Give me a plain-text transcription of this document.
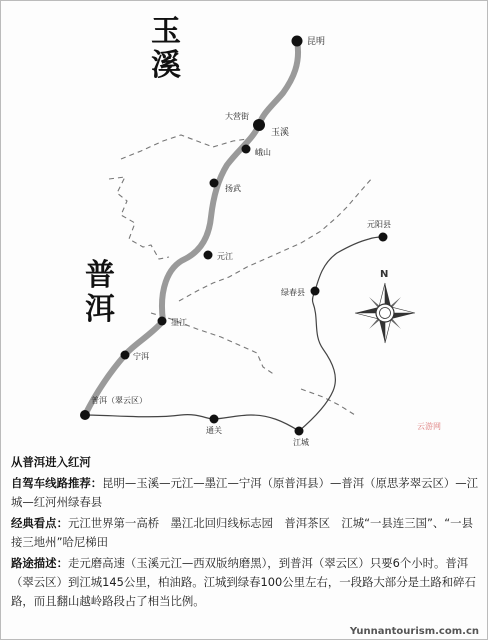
玉溪
普洱
昆明
大营街
玉溪
峨山
扬武
元江
墨江
宁洱
普洱（翠云区）
通关
江城
绿春县
元阳县
N
云游网

从普洱进入红河

自驾车线路推荐：昆明—玉溪—元江—墨江—宁洱（原普洱县）—普洱（原思茅翠云区）—江城—红河州绿春县

经典看点：元江世界第一高桥　墨江北回归线标志园　普洱茶区　江城“一县连三国”、“一县接三地州”哈尼梯田

路途描述：走元磨高速（玉溪元江—西双版纳磨黑），到普洱（翠云区）只要6个小时。普洱（翠云区）到江城145公里，柏油路。江城到绿春100公里左右，一段路大部分是土路和碎石路，而且翻山越岭路段占了相当比例。

Yunnantourism.com.cn
